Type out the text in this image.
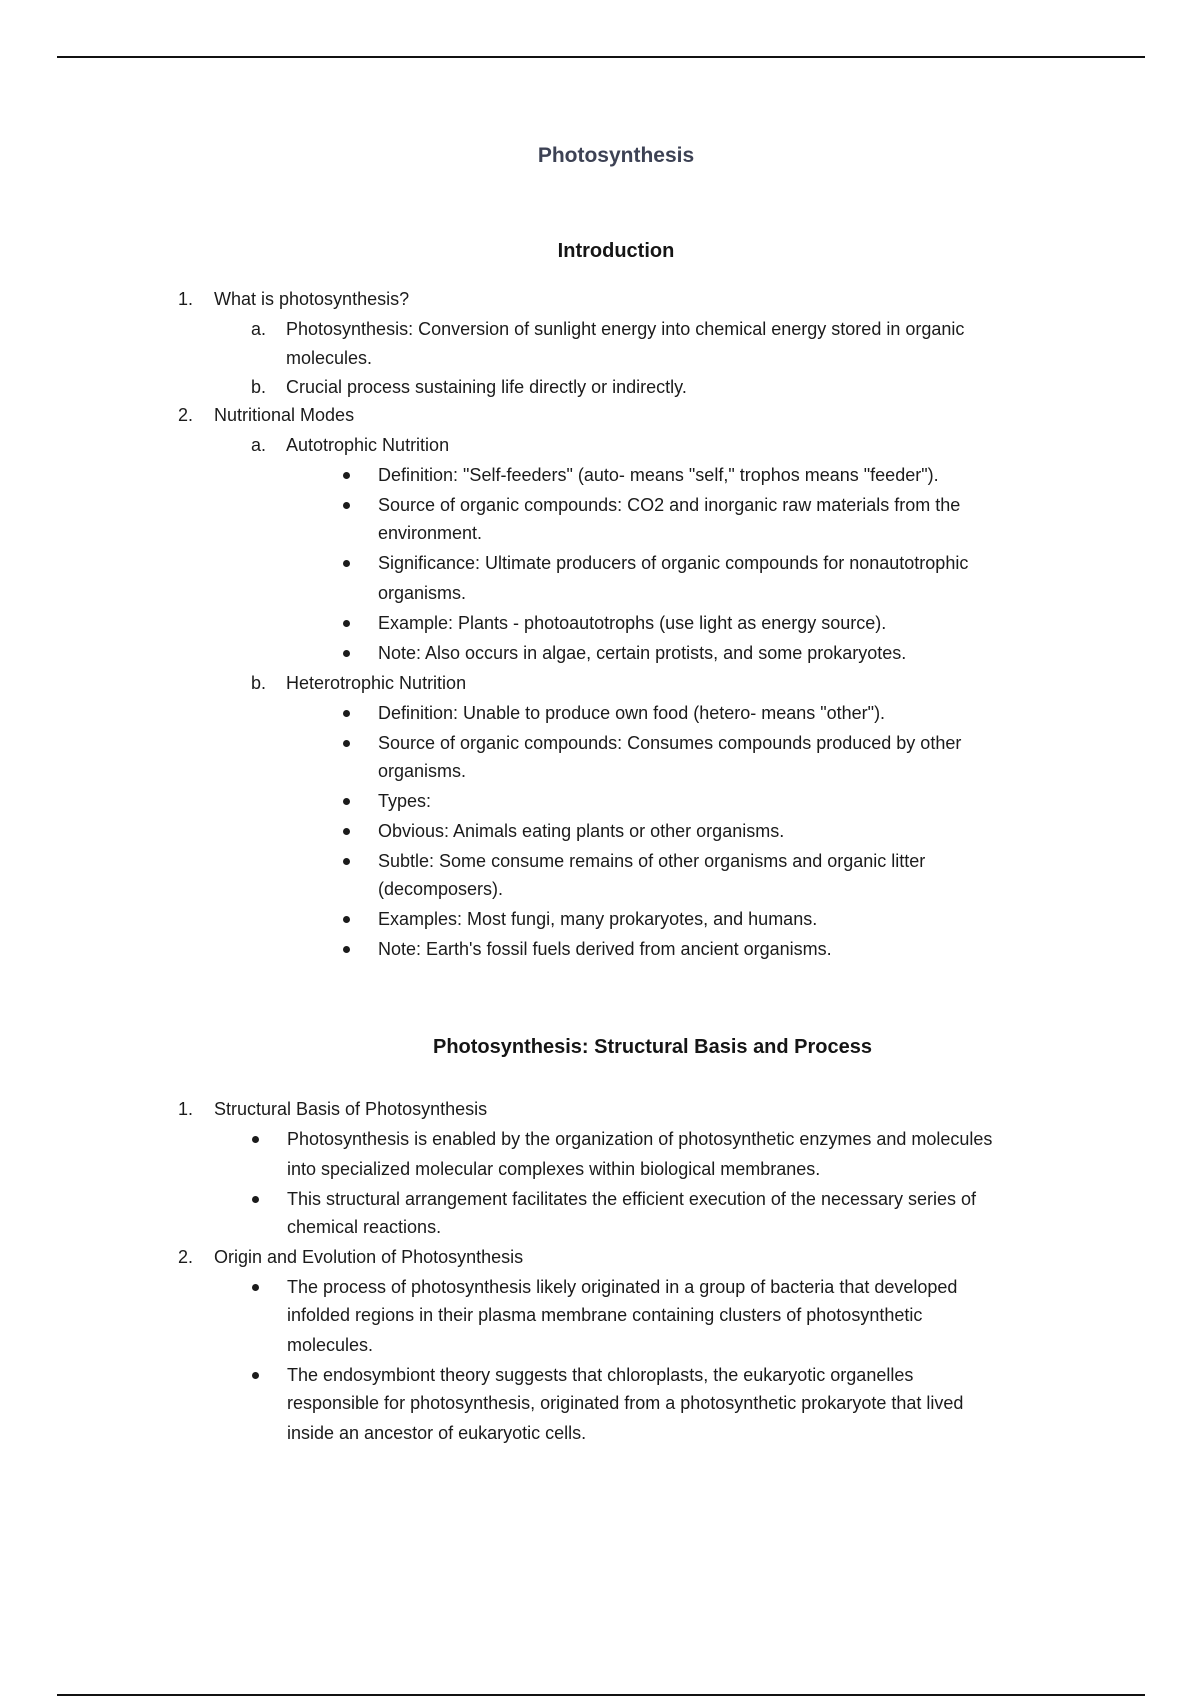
Photosynthesis
Introduction
1. What is photosynthesis?
a. Photosynthesis: Conversion of sunlight energy into chemical energy stored in organic
molecules.
b. Crucial process sustaining life directly or indirectly.
2. Nutritional Modes
a. Autotrophic Nutrition
Definition: "Self-feeders" (auto- means "self," trophos means "feeder").
Source of organic compounds: CO2 and inorganic raw materials from the
environment.
Significance: Ultimate producers of organic compounds for nonautotrophic
organisms.
Example: Plants - photoautotrophs (use light as energy source).
Note: Also occurs in algae, certain protists, and some prokaryotes.
b. Heterotrophic Nutrition
Definition: Unable to produce own food (hetero- means "other").
Source of organic compounds: Consumes compounds produced by other
organisms.
Types:
Obvious: Animals eating plants or other organisms.
Subtle: Some consume remains of other organisms and organic litter
(decomposers).
Examples: Most fungi, many prokaryotes, and humans.
Note: Earth's fossil fuels derived from ancient organisms.
Photosynthesis: Structural Basis and Process
1. Structural Basis of Photosynthesis
Photosynthesis is enabled by the organization of photosynthetic enzymes and molecules
into specialized molecular complexes within biological membranes.
This structural arrangement facilitates the efficient execution of the necessary series of
chemical reactions.
2. Origin and Evolution of Photosynthesis
The process of photosynthesis likely originated in a group of bacteria that developed
infolded regions in their plasma membrane containing clusters of photosynthetic
molecules.
The endosymbiont theory suggests that chloroplasts, the eukaryotic organelles
responsible for photosynthesis, originated from a photosynthetic prokaryote that lived
inside an ancestor of eukaryotic cells.
